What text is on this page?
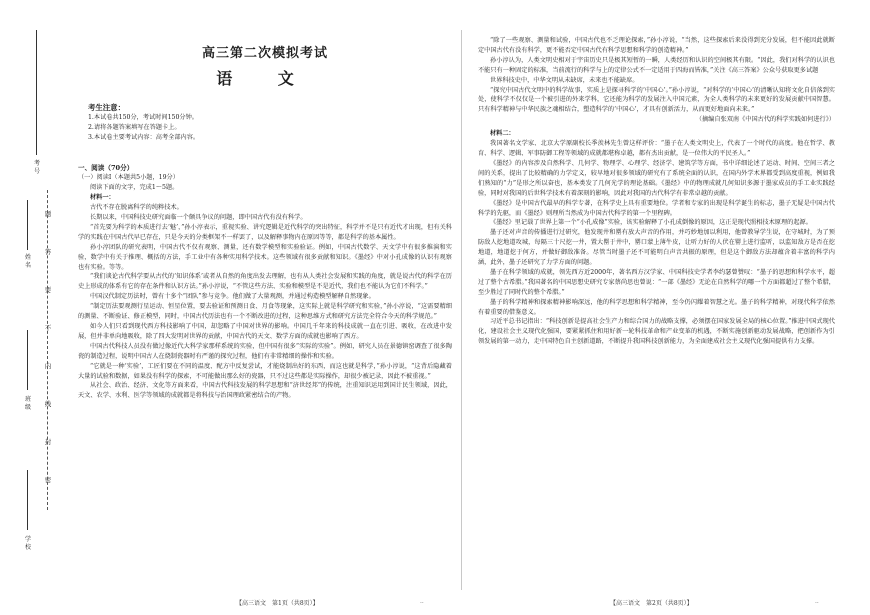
考号
姓名
班级
学校
题
答
要
不
内
线
封
密
高三第二次模拟考试
语 文
考生注意：
1.本试卷共150分，考试时间150分钟。
2.请将各题答案填写在答题卡上。
3.本试卷主要考试内容：高考全部内容。
一、阅读（70分）
（一）阅读Ⅰ（本题共5小题，19分）
阅读下面的文字，完成1～5题。
材料一：
古代不存在脱离科学的纯粹技术。
长期以来，中国科技史研究面临一个颇具争议的问题，即中国古代有没有科学。
“首先要为科学的本质进行去‘魅’，”孙小淳表示，重视实验、讲究逻辑是近代科学的突出特征，科学并不是只有近代才出现，但有关科学的实践在中国古代早已存在，只是今天的分类框架不一样罢了，以及解释事物内在原因等等，都是科学的基本属性。
孙小淳团队的研究表明，中国古代不仅有观察、测量，还有数学模型和实验验证。例如，中国古代数学、天文学中有很多推演和实验，数学中有关于推理、概括的方法，手工业中有各种实用科学技术。这些领域有很多贡献和知识。《墨经》中对小孔成像的认识有观察也有实验。等等。
“我们谈论古代科学要从古代的‘知识体系’或者从自然的角度出发去理解，也有从人类社会发展和实践的角度，就是说古代的科学在历史上形成的体系有它的存在条件和认识方法。”孙小淳说，“不管这些方法、实验和模型是不是近代，我们也不能认为它们不科学。”
中国汉代制定历法时，曾有十多个“团队”参与竞争。他们做了大量观测，并通过构造模型解释自然现象。
“制定历法要观测行星运动、恒星位置，要去验证和预测日食、月食等现象，这实际上就是科学研究和实验，”孙小淳说，“这需要精细的测量、不断验证、修正模型，同时，中国古代历法也有一个不断改进的过程，这种思维方式和研究方法完全符合今天的科学规范。”
如今人们只看到现代西方科技影响了中国，却忽略了中国对世界的影响。中国几千年来的科技成就一直在引进、吸收，在改进中发展，但并非单向地吸收，除了四大发明对世界的贡献，中国古代的天文、数学方面的成就也影响了西方。
中国古代科技人员没有做过像近代大科学家那样系统的实验，但中国有很多“实际的实验”。例如，研究人员在景德镇窑调查了很多陶瓷的制造过程，说明中国古人在烧制瓷器时有严谨的探究过程，他们有非常精细的操作和实验。
“它就是一种‘实验’，工匠们要在不同的温度、配方中反复尝试，才能烧制出好的东西，而这也就是科学，”孙小淳说，“这背后隐藏着大量的试验和数据，如果没有科学的探索，不可能做出那么好的瓷器，只不过这些都是实际操作，却很少被记录，因此不被重视。”
从社会、政治、经济、文化等方面来看，中国古代科技发展的科学思想和“济世经邦”的传统，注重知识运用到国计民生领域，因此，天文、农学、水利、医学等领域的成就都是将科技与治国理政紧密结合的产物。
“除了一些观察、测量和试验，中国古代也不乏理论探索，”孙小淳说，“当然，这些探索后来没得到充分发展，但不能因此就断定中国古代有没有科学，更不能否定中国古代有科学思想和科学的创造精神。”
孙小淳认为，人类文明史相对于宇宙历史只是极其短暂的一瞬，人类经历和认识的空间极其有限。“因此，我们对科学的认识也不能只有一种固定的标准，当前流行的科学与上的定律公式不一定适用于四海而皆准，”关注《高三答案》公众号获取更多试题
世界科技史中，中华文明从未缺席，未来也不能缺席。
“探究中国古代文明中的科学故事，实质上是探寻科学的‘中国心’。”孙小淳说，“对科学的‘中国心’的清晰认知将文化自信落到实处，使科学不仅仅是一个被引进的外来学科，它还能为科学的发展注入中国元素，为全人类科学的未来更好的发展贡献中国智慧。只有科学精神与中华民族之魂相结合，塑造科学的‘中国心’，才具有创新活力，从而更好地面向未来。”
（摘编自张双南《中国古代的科学实践如何进行》）
材料二：
我国著名文学家、北京大学原副校长季羡林先生曾这样评价：“墨子在人类文明史上，代表了一个时代的高度。他在哲学、教育、科学、逻辑、军事防御工程等领域的成就都堪称卓越，都有杰出贡献，是一位伟大的平民圣人。”
《墨经》的内容涉及自然科学、几何学、物理学、心理学、经济学、建筑学等方面，书中详细论述了运动、时间、空间三者之间的关系，提出了比较精确的力学定义，较早地对很多领域的研究有了系统全面的认识，在国内外学术界都受到高度重视，例如我们熟知的“力”是形之所以奋也，基本类发了几何光学的理论基础。《墨经》中的物理成就几何知识多源于墨家成员的手工业实践经验，同时对我国的后世科学技术有着深刻的影响，因此对我国的古代科学有非常卓越的贡献。
《墨经》是中国古代最早的科学专著，在科学史上具有重要地位。学者和专家的出现是科学诞生的标志，墨子无疑是中国古代科学的先驱，而《墨经》则理所当然成为中国古代科学的第一个里程碑。
《墨经》里记载了世界上第一个“小孔成像”实验，该实验解释了小孔成倒像的原因，这正是现代照相技术原理的起源。
墨子还对声音的传播进行过研究，他发现井和罂有放大声音的作用，并巧妙地加以利用，他曾教导学生说，在守城时，为了预防敌人挖地道攻城，每隔三十尺挖一井，置大罂于井中，罂口蒙上薄牛皮，让听力好的人伏在罂上进行监听，以监知敌方是否在挖地道，地道挖于何方，并做好御敌准备。尽管当时墨子还不可能明白声音共振的原理，但是这个御敌方法却蕴含着丰富的科学内涵，此外，墨子还研究了力学方面的问题。
墨子在科学领域的成就，领先西方近2000年，著名西方汉学家、中国科技史学者李约瑟曾赞叹：“墨子的思想和科学水平，超过了整个古希腊。”我国著名的中国思想史研究专家蔡尚思也曾说：“一部《墨经》无论在自然科学的哪一个方面都超过了整个希腊，至少胜过了同时代的整个希腊。”
墨子的科学精神和探索精神影响深远，他的科学思想和科学精神，至今仍闪耀着智慧之光。墨子的科学精神，对现代科学依然有着重要的借鉴意义。
习近平总书记指出：“科技创新是提高社会生产力和综合国力的战略支撑，必须摆在国家发展全局的核心位置。”推进中国式现代化，建设社会主义现代化强国，要紧紧抓住和用好新一轮科技革命和产业变革的机遇，不断实施创新驱动发展战略，把创新作为引领发展的第一动力，走中国特色自主创新道路，不断提升我国科技创新能力，为全面建成社会主义现代化强国提供有力支撑。
【高三语文　第1页（共8页）】	..	【高三语文　第2页（共8页）】	..
